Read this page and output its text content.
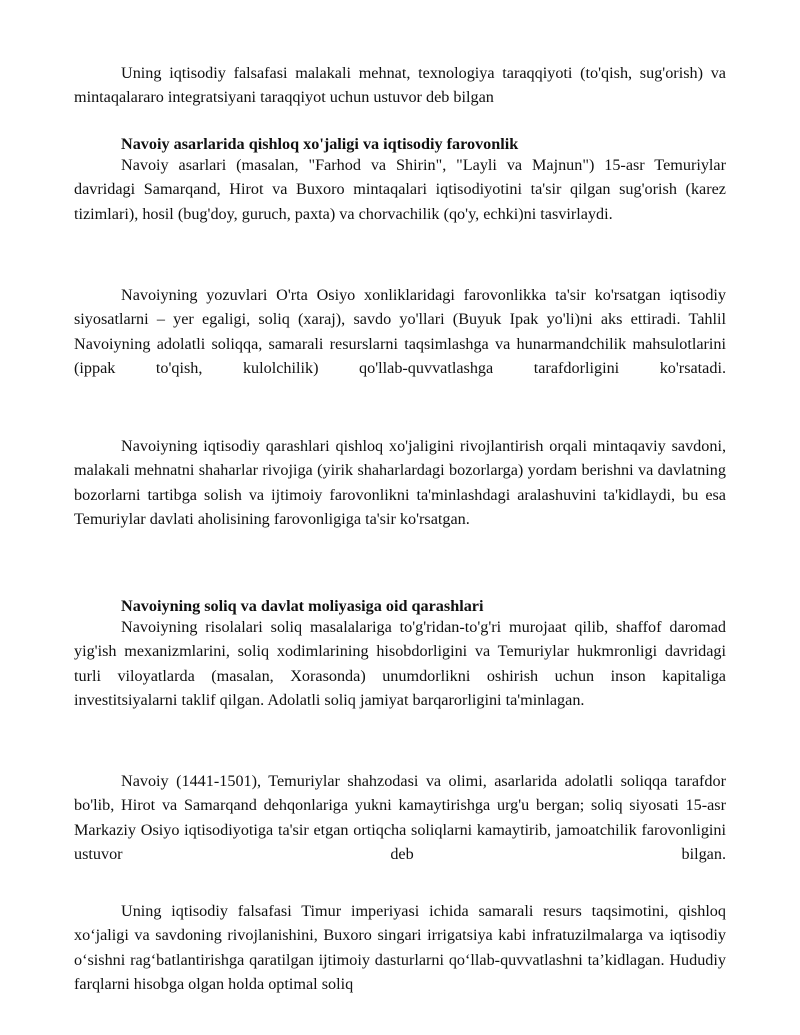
Uning iqtisodiy falsafasi malakali mehnat, texnologiya taraqqiyoti (to'qish, sug'orish) va mintaqalararo integratsiyani taraqqiyot uchun ustuvor deb bilgan

Navoiy asarlarida qishloq xo'jaligi va iqtisodiy farovonlik

Navoiy asarlari (masalan, "Farhod va Shirin", "Layli va Majnun") 15-asr Temuriylar davridagi Samarqand, Hirot va Buxoro mintaqalari iqtisodiyotini ta'sir qilgan sug'orish (karez tizimlari), hosil (bug'doy, guruch, paxta) va chorvachilik (qo'y, echki)ni tasvirlaydi.

Navoiyning yozuvlari O'rta Osiyo xonliklaridagi farovonlikka ta'sir ko'rsatgan iqtisodiy siyosatlarni – yer egaligi, soliq (xaraj), savdo yo'llari (Buyuk Ipak yo'li)ni aks ettiradi. Tahlil Navoiyning adolatli soliqqa, samarali resurslarni taqsimlashga va hunarmandchilik mahsulotlarini (ippak to'qish, kulolchilik) qo'llab-quvvatlashga tarafdorligini ko'rsatadi.

Navoiyning iqtisodiy qarashlari qishloq xo'jaligini rivojlantirish orqali mintaqaviy savdoni, malakali mehnatni shaharlar rivojiga (yirik shaharlardagi bozorlarga) yordam berishni va davlatning bozorlarni tartibga solish va ijtimoiy farovonlikni ta'minlashdagi aralashuvini ta'kidlaydi, bu esa Temuriylar davlati aholisining farovonligiga ta'sir ko'rsatgan.

Navoiyning soliq va davlat moliyasiga oid qarashlari

Navoiyning risolalari soliq masalalariga to'g'ridan-to'g'ri murojaat qilib, shaffof daromad yig'ish mexanizmlarini, soliq xodimlarining hisobdorligini va Temuriylar hukmronligi davridagi turli viloyatlarda (masalan, Xorasonda) unumdorlikni oshirish uchun inson kapitaliga investitsiyalarni taklif qilgan. Adolatli soliq jamiyat barqarorligini ta'minlagan.

Navoiy (1441-1501), Temuriylar shahzodasi va olimi, asarlarida adolatli soliqqa tarafdor bo'lib, Hirot va Samarqand dehqonlariga yukni kamaytirishga urg'u bergan; soliq siyosati 15-asr Markaziy Osiyo iqtisodiyotiga ta'sir etgan ortiqcha soliqlarni kamaytirib, jamoatchilik farovonligini ustuvor deb bilgan.

Uning iqtisodiy falsafasi Timur imperiyasi ichida samarali resurs taqsimotini, qishloq xo‘jaligi va savdoning rivojlanishini, Buxoro singari irrigatsiya kabi infratuzilmalarga va iqtisodiy o‘sishni rag‘batlantirishga qaratilgan ijtimoiy dasturlarni qo‘llab-quvvatlashni ta’kidlagan. Hududiy farqlarni hisobga olgan holda optimal soliq
